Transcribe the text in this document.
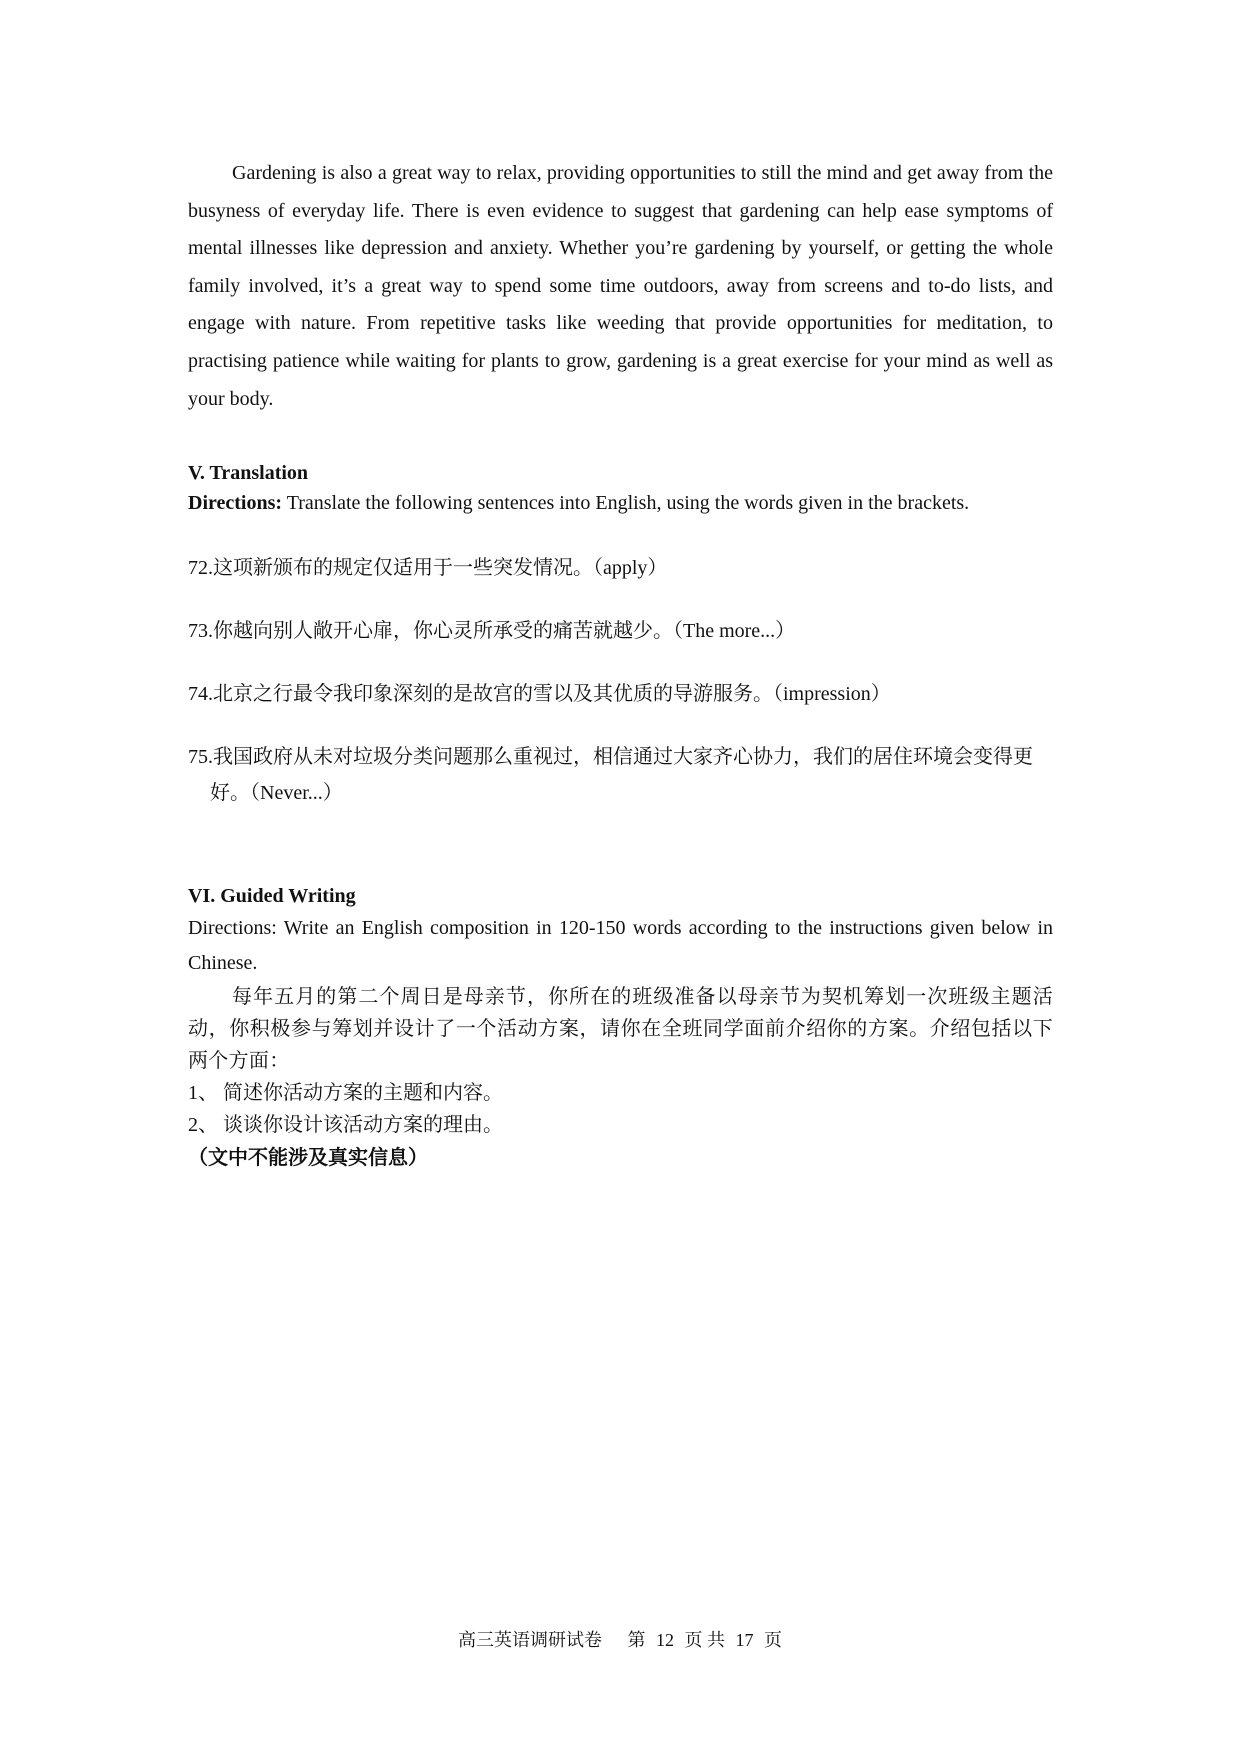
Gardening is also a great way to relax, providing opportunities to still the mind and get away from the busyness of everyday life. There is even evidence to suggest that gardening can help ease symptoms of mental illnesses like depression and anxiety. Whether you’re gardening by yourself, or getting the whole family involved, it’s a great way to spend some time outdoors, away from screens and to-do lists, and engage with nature. From repetitive tasks like weeding that provide opportunities for meditation, to practising patience while waiting for plants to grow, gardening is a great exercise for your mind as well as your body.

V. Translation

Directions: Translate the following sentences into English, using the words given in the brackets.

72.这项新颁布的规定仅适用于一些突发情况。（apply）

73.你越向别人敞开心扉，你心灵所承受的痛苦就越少。（The more...）

74.北京之行最令我印象深刻的是故宫的雪以及其优质的导游服务。（impression）

75.我国政府从未对垃圾分类问题那么重视过，相信通过大家齐心协力，我们的居住环境会变得更好。（Never...）

VI. Guided Writing

Directions: Write an English composition in 120-150 words according to the instructions given below in Chinese.

每年五月的第二个周日是母亲节，你所在的班级准备以母亲节为契机筹划一次班级主题活动，你积极参与筹划并设计了一个活动方案，请你在全班同学面前介绍你的方案。介绍包括以下两个方面：

1、 简述你活动方案的主题和内容。

2、 谈谈你设计该活动方案的理由。

（文中不能涉及真实信息）

高三英语调研试卷 第 12 页 共 17 页
